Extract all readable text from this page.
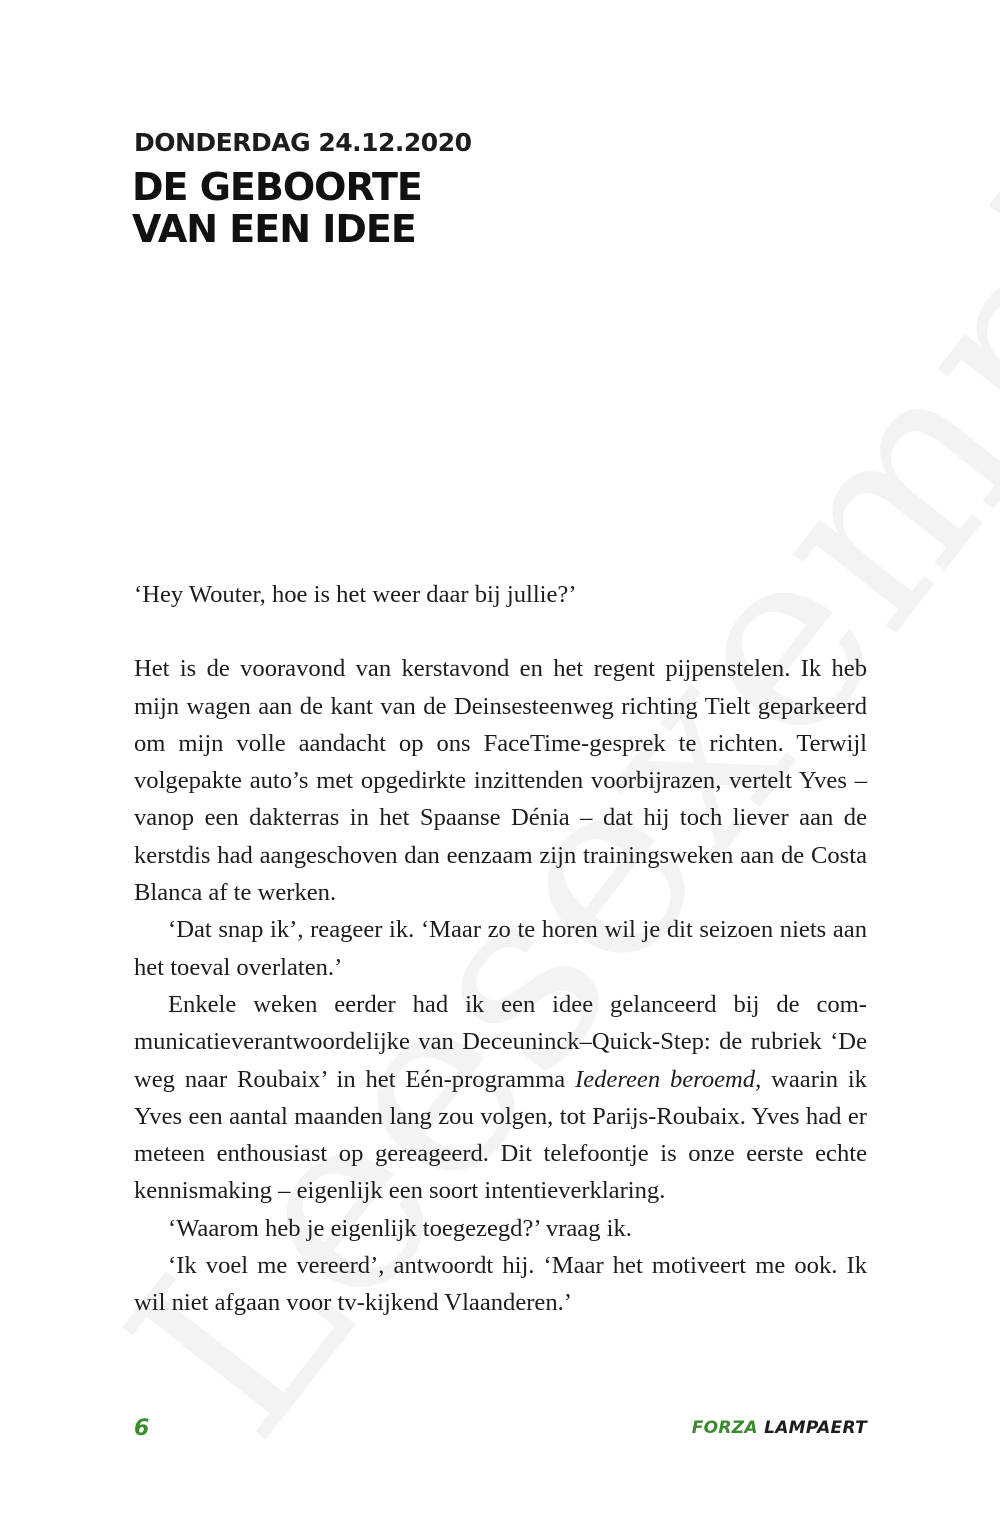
DONDERDAG 24.12.2020
DE GEBOORTE
VAN EEN IDEE

‘Hey Wouter, hoe is het weer daar bij jullie?’

Het is de vooravond van kerstavond en het regent pijpenstelen. Ik heb mijn wagen aan de kant van de Deinsesteenweg richting Tielt geparkeerd om mijn volle aandacht op ons FaceTime-gesprek te richten. Terwijl volgepakte auto’s met opgedirkte inzittenden voorbijrazen, vertelt Yves – vanop een dakterras in het Spaanse Dénia – dat hij toch liever aan de kerstdis had aangeschoven dan eenzaam zijn trainingsweken aan de Costa Blanca af te werken.

‘Dat snap ik’, reageer ik. ‘Maar zo te horen wil je dit seizoen niets aan het toeval overlaten.’

Enkele weken eerder had ik een idee gelanceerd bij de communicatieverantwoordelijke van Deceuninck–Quick-Step: de rubriek ‘De weg naar Roubaix’ in het Eén-programma Iedereen beroemd, waarin ik Yves een aantal maanden lang zou volgen, tot Parijs-Roubaix. Yves had er meteen enthousiast op gereageerd. Dit telefoontje is onze eerste echte kennismaking – eigenlijk een soort intentieverklaring.

‘Waarom heb je eigenlijk toegezegd?’ vraag ik.

‘Ik voel me vereerd’, antwoordt hij. ‘Maar het motiveert me ook. Ik wil niet afgaan voor tv-kijkend Vlaanderen.’

6	FORZA LAMPAERT
